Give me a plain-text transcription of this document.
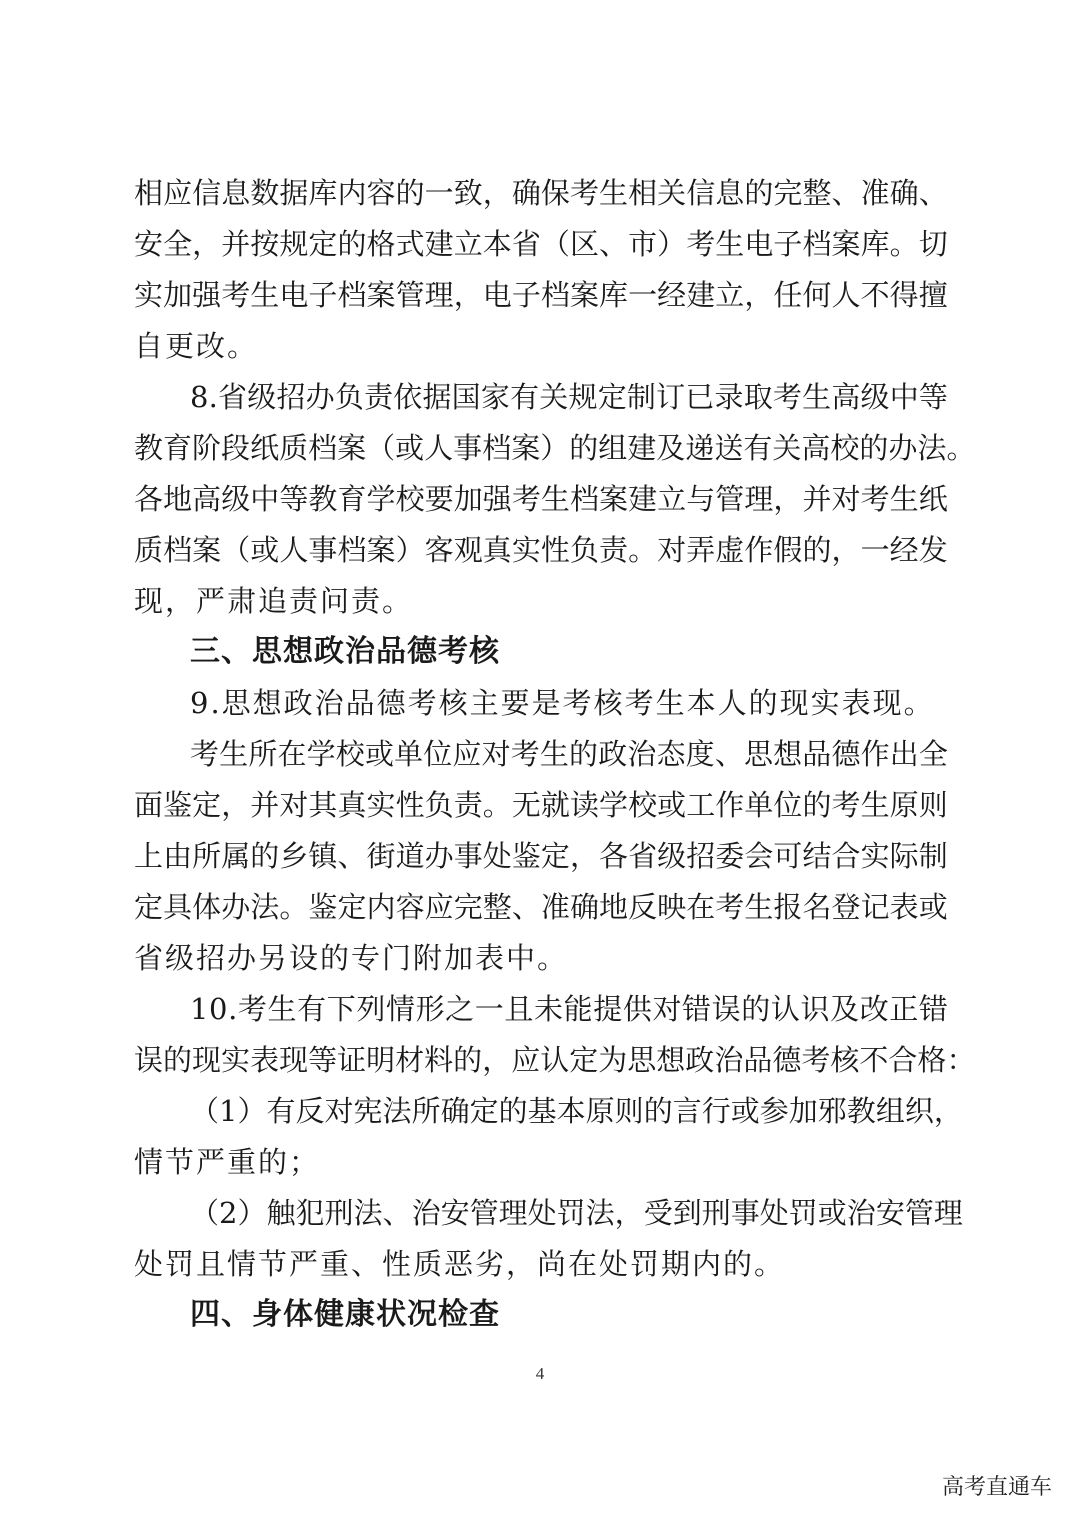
相 应 信 息 数 据 库 内 容 的 一 致 ， 确 保 考 生 相 关 信 息 的 完 整 、 准 确 、
安 全 ， 并 按 规 定 的 格 式 建 立 本 省 （ 区 、 市 ） 考 生 电 子 档 案 库 。 切
实 加 强 考 生 电 子 档 案 管 理 ， 电 子 档 案 库 一 经 建 立 ， 任 何 人 不 得 擅
自更改。
8 . 省 级 招 办 负 责 依 据 国 家 有 关 规 定 制 订 已 录 取 考 生 高 级 中 等
教 育 阶 段 纸 质 档 案 （ 或 人 事 档 案 ） 的 组 建 及 递 送 有 关 高 校 的 办 法 。
各 地 高 级 中 等 教 育 学 校 要 加 强 考 生 档 案 建 立 与 管 理 ， 并 对 考 生 纸
质 档 案 （ 或 人 事 档 案 ） 客 观 真 实 性 负 责 。 对 弄 虚 作 假 的 ， 一 经 发
现，严肃追责问责。
三、思想政治品德考核
9.思想政治品德考核主要是考核考生本人的现实表现。
考 生 所 在 学 校 或 单 位 应 对 考 生 的 政 治 态 度 、 思 想 品 德 作 出 全
面 鉴 定 ， 并 对 其 真 实 性 负 责 。 无 就 读 学 校 或 工 作 单 位 的 考 生 原 则
上 由 所 属 的 乡 镇 、 街 道 办 事 处 鉴 定 ， 各 省 级 招 委 会 可 结 合 实 际 制
定 具 体 办 法 。 鉴 定 内 容 应 完 整 、 准 确 地 反 映 在 考 生 报 名 登 记 表 或
省级招办另设的专门附加表中。
1 0 . 考 生 有 下 列 情 形 之 一 且 未 能 提 供 对 错 误 的 认 识 及 改 正 错
误 的 现 实 表 现 等 证 明 材 料 的 ， 应 认 定 为 思 想 政 治 品 德 考 核 不 合 格 ：
（ 1 ） 有 反 对 宪 法 所 确 定 的 基 本 原 则 的 言 行 或 参 加 邪 教 组 织 ，
情节严重的；
（ 2 ） 触 犯 刑 法 、 治 安 管 理 处 罚 法 ， 受 到 刑 事 处 罚 或 治 安 管 理
处罚且情节严重、性质恶劣，尚在处罚期内的。
四、身体健康状况检查
4
高考直通车
